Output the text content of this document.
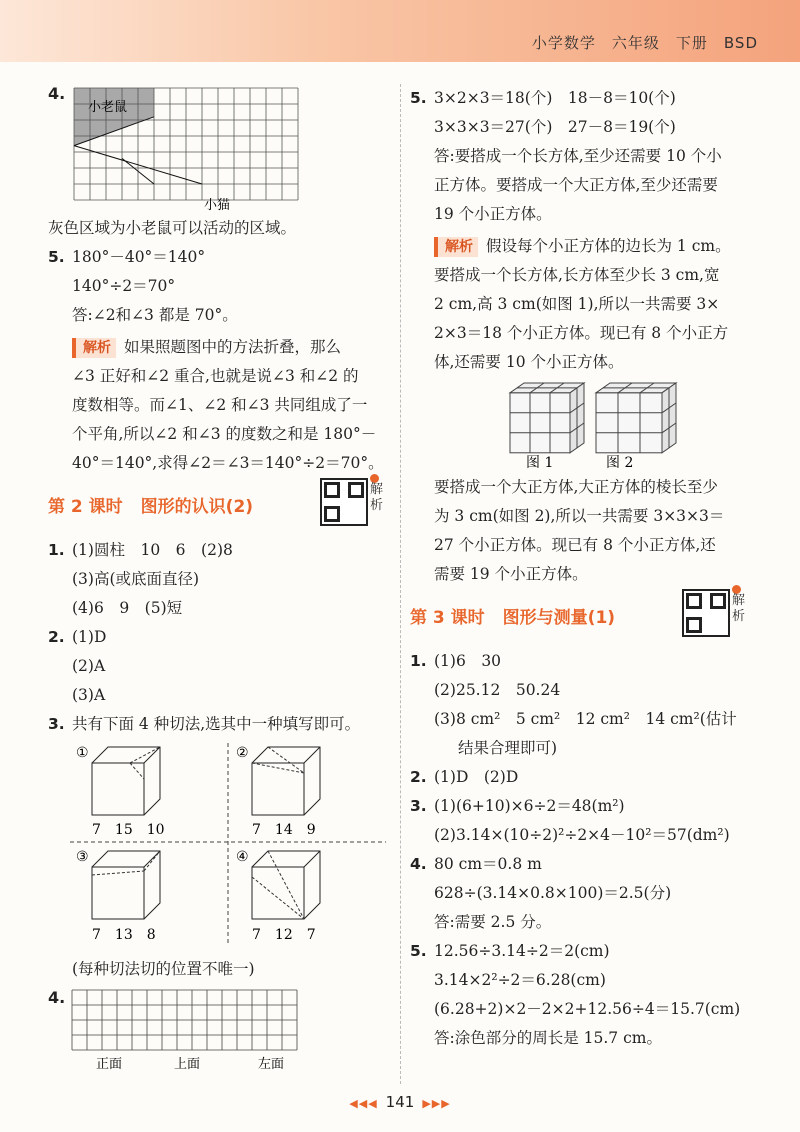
小学数学　六年级　下册　BSD
4.
小老鼠
小猫
灰色区域为小老鼠可以活动的区域。
5. 180°－40°＝140°
140°÷2＝70°
答:∠2和∠3 都是 70°。
解析 如果照题图中的方法折叠，那么
∠3 正好和∠2 重合,也就是说∠3 和∠2 的
度数相等。而∠1、∠2 和∠3 共同组成了一
个平角,所以∠2 和∠3 的度数之和是 180°－
40°＝140°,求得∠2＝∠3＝140°÷2＝70°。
第 2 课时 图形的认识(2)
解析
1. (1)圆柱　10　6　(2)8
(3)高(或底面直径)
(4)6　9　(5)短
2. (1)D
(2)A
(3)A
3. 共有下面 4 种切法,选其中一种填写即可。
①	②
③	④
7　15　10	7　14　9
7　13　8	7　12　7
(每种切法切的位置不唯一)
4.
正面	上面	左面
5. 3×2×3＝18(个)　18－8＝10(个)
3×3×3＝27(个)　27－8＝19(个)
答:要搭成一个长方体,至少还需要 10 个小
正方体。要搭成一个大正方体,至少还需要
19 个小正方体。
解析 假设每个小正方体的边长为 1 cm。
要搭成一个长方体,长方体至少长 3 cm,宽
2 cm,高 3 cm(如图 1),所以一共需要 3×
2×3＝18 个小正方体。现已有 8 个小正方
体,还需要 10 个小正方体。
图 1	图 2
要搭成一个大正方体,大正方体的棱长至少
为 3 cm(如图 2),所以一共需要 3×3×3＝
27 个小正方体。现已有 8 个小正方体,还
需要 19 个小正方体。
第 3 课时 图形与测量(1)
解析
1. (1)6　30
(2)25.12　50.24
(3)8 cm²　5 cm²　12 cm²　14 cm²(估计
结果合理即可)
2. (1)D　(2)D
3. (1)(6+10)×6÷2＝48(m²)
(2)3.14×(10÷2)²÷2×4－10²＝57(dm²)
4. 80 cm＝0.8 m
628÷(3.14×0.8×100)＝2.5(分)
答:需要 2.5 分。
5. 12.56÷3.14÷2＝2(cm)
3.14×2²÷2＝6.28(cm)
(6.28+2)×2－2×2+12.56÷4＝15.7(cm)
答:涂色部分的周长是 15.7 cm。
◀◀◀ 141 ▶▶▶
